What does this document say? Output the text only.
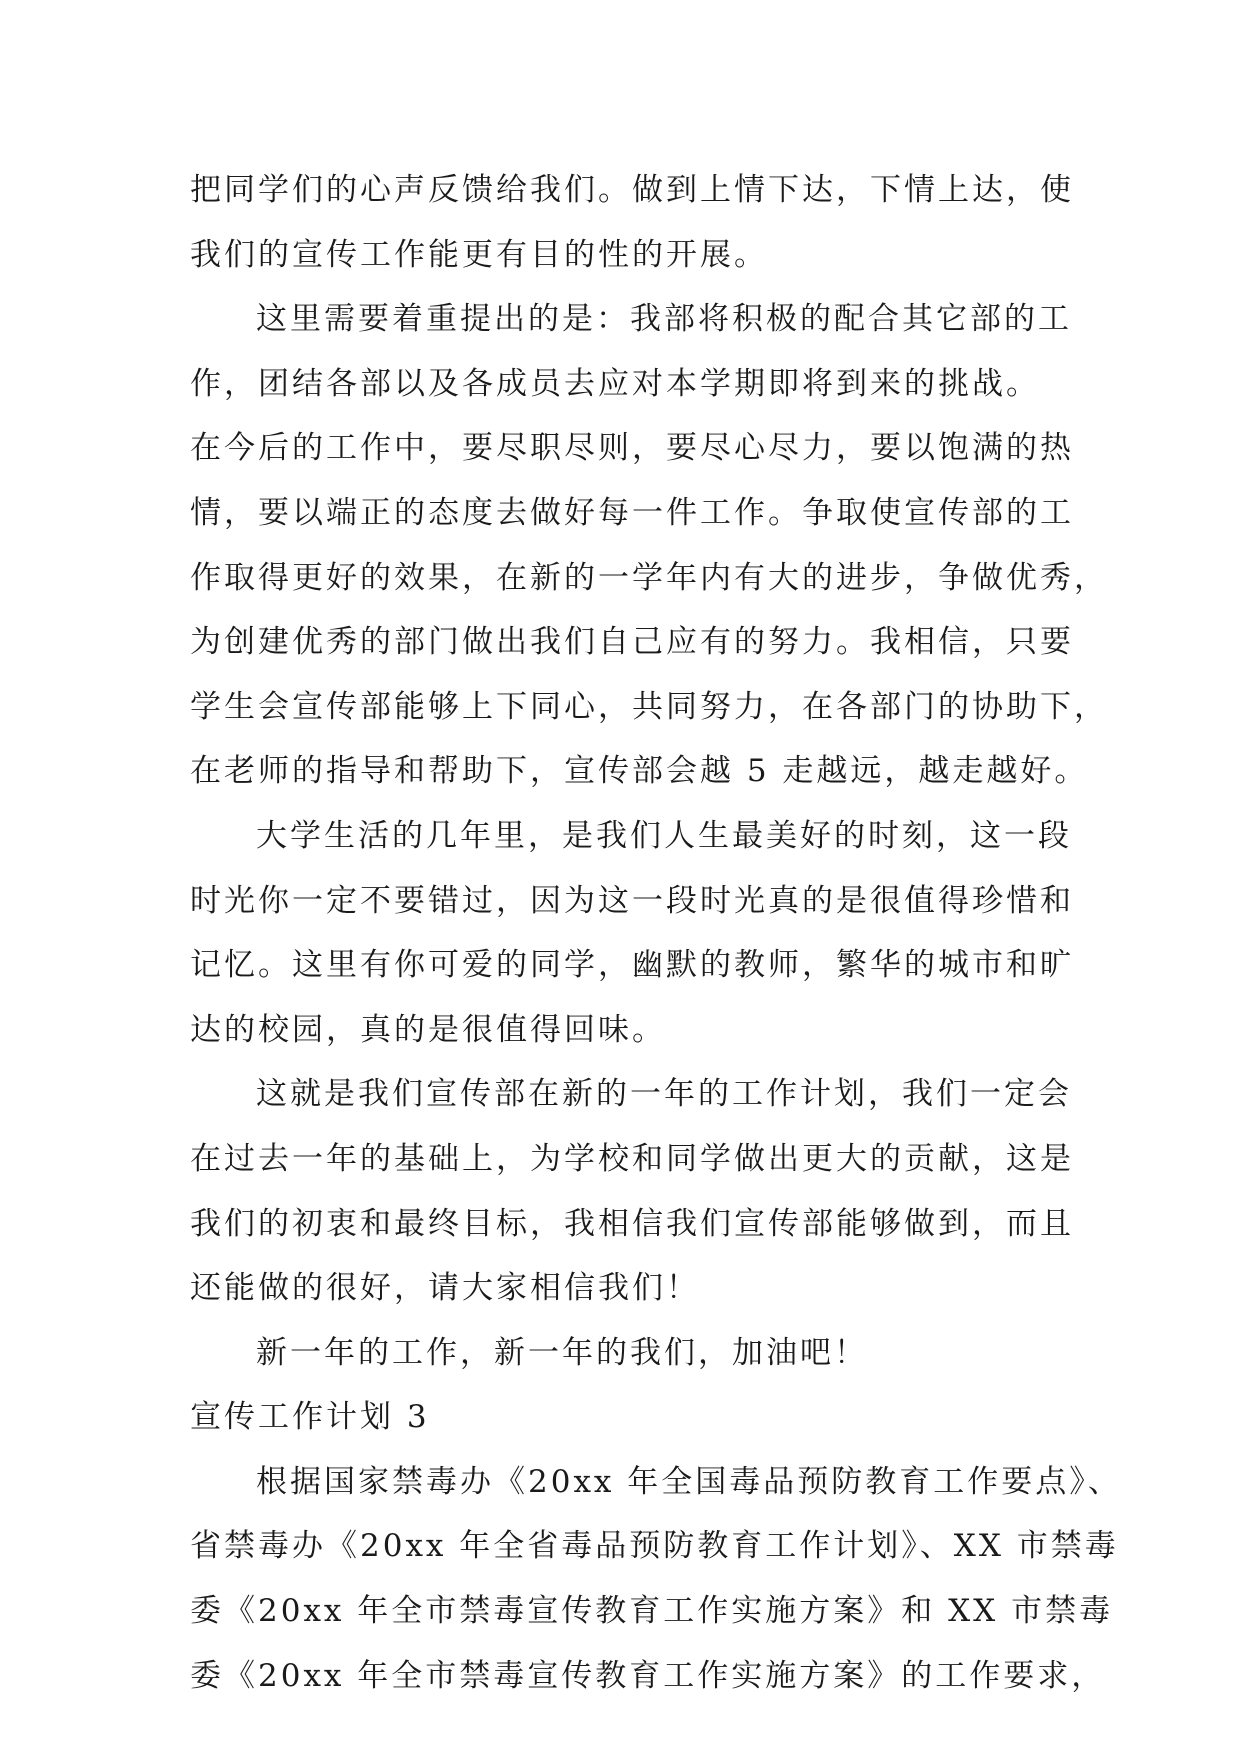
把同学们的心声反馈给我们。做到上情下达，下情上达，使
我们的宣传工作能更有目的性的开展。
这里需要着重提出的是：我部将积极的配合其它部的工
作，团结各部以及各成员去应对本学期即将到来的挑战。
在今后的工作中，要尽职尽则，要尽心尽力，要以饱满的热
情，要以端正的态度去做好每一件工作。争取使宣传部的工
作取得更好的效果，在新的一学年内有大的进步，争做优秀，
为创建优秀的部门做出我们自己应有的努力。我相信，只要
学生会宣传部能够上下同心，共同努力，在各部门的协助下，
在老师的指导和帮助下，宣传部会越 5 走越远，越走越好。
大学生活的几年里，是我们人生最美好的时刻，这一段
时光你一定不要错过，因为这一段时光真的是很值得珍惜和
记忆。这里有你可爱的同学，幽默的教师，繁华的城市和旷
达的校园，真的是很值得回味。
这就是我们宣传部在新的一年的工作计划，我们一定会
在过去一年的基础上，为学校和同学做出更大的贡献，这是
我们的初衷和最终目标，我相信我们宣传部能够做到，而且
还能做的很好，请大家相信我们！
新一年的工作，新一年的我们，加油吧！
宣传工作计划 3
根据国家禁毒办《20xx 年全国毒品预防教育工作要点》、
省禁毒办《20xx 年全省毒品预防教育工作计划》、XX 市禁毒
委《20xx 年全市禁毒宣传教育工作实施方案》和 XX 市禁毒
委《20xx 年全市禁毒宣传教育工作实施方案》的工作要求，
